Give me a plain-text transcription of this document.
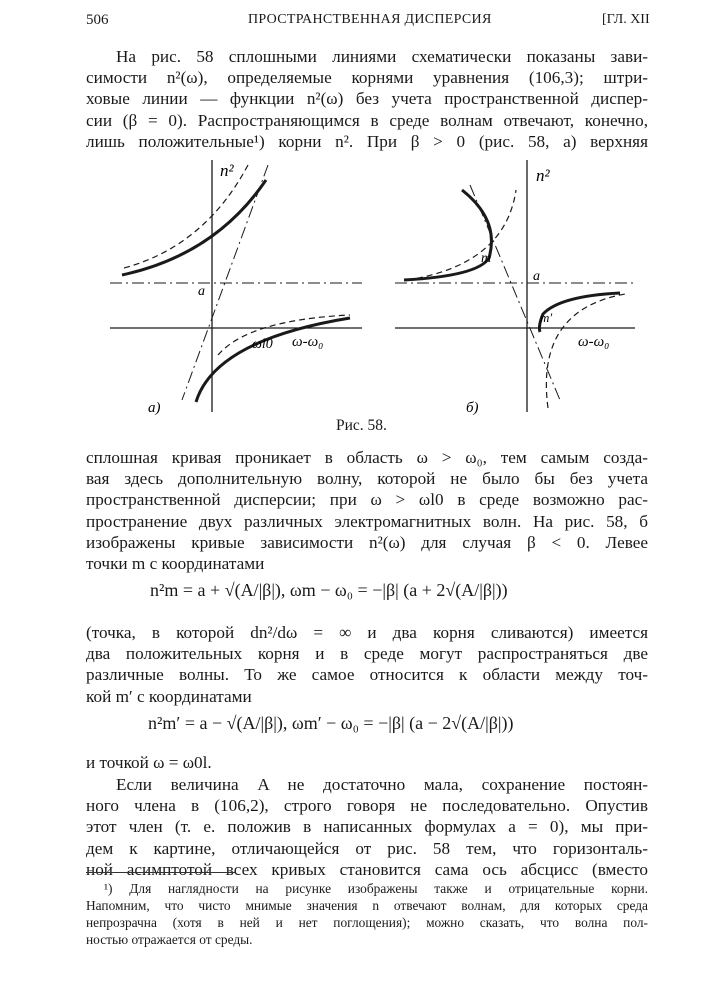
506	ПРОСТРАНСТВЕННАЯ ДИСПЕРСИЯ	[ГЛ. XII
На рис. 58 сплошными линиями схематически показаны зави-
симости n²(ω), определяемые корнями уравнения (106,3); штри-
ховые линии — функции n²(ω) без учета пространственной диспер-
сии (β = 0). Распространяющимся в среде волнам отвечают, конечно,
лишь положительные¹) корни n². При β > 0 (рис. 58, а) верхняя
n²
a
ωl0 ω-ω₀
а)
n²
a
m
m′
ω-ω₀
б)
Рис. 58.
сплошная кривая проникает в область ω > ω₀, тем самым созда-
вая здесь дополнительную волну, которой не было бы без учета
пространственной дисперсии; при ω > ωl0 в среде возможно рас-
пространение двух различных электромагнитных волн. На рис. 58, б
изображены кривые зависимости n²(ω) для случая β < 0. Левее
точки m с координатами
n²m = a + √(A/|β|), ωm − ω₀ = −|β| (a + 2√(A/|β|))
(точка, в которой dn²/dω = ∞ и два корня сливаются) имеется
два положительных корня и в среде могут распространяться две
различные волны. То же самое относится к области между точ-
кой m′ с координатами
n²m′ = a − √(A/|β|), ωm′ − ω₀ = −|β| (a − 2√(A/|β|))
и точкой ω = ω0l.
Если величина A не достаточно мала, сохранение постоян-
ного члена в (106,2), строго говоря не последовательно. Опустив
этот член (т. е. положив в написанных формулах a = 0), мы при-
дем к картине, отличающейся от рис. 58 тем, что горизонталь-
ной асимптотой всех кривых становится сама ось абсцисс (вместо
¹) Для наглядности на рисунке изображены также и отрицательные корни.
Напомним, что чисто мнимые значения n отвечают волнам, для которых среда
непрозрачна (хотя в ней и нет поглощения); можно сказать, что волна пол-
ностью отражается от среды.
